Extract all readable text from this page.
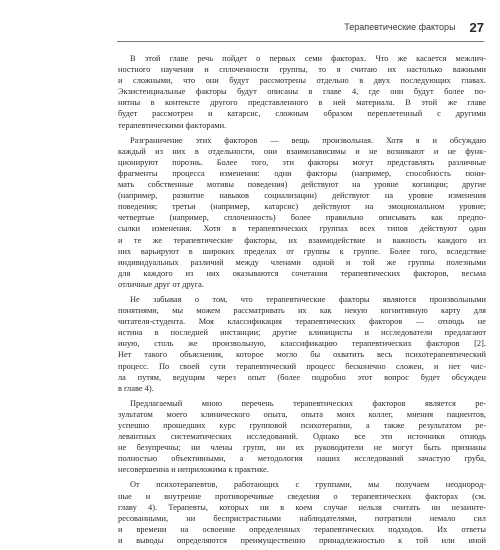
Терапевтические факторы 27
В этой главе речь пойдет о первых семи факторах. Что же касается межлич-
ностного научения и сплоченности группы, то я считаю их настолько важными
и сложными, что они будут рассмотрены отдельно в двух последующих главах.
Экзистенциальные факторы будут описаны в главе 4, где они будут более по-
нятны в контексте другого представленного в ней материала. В этой же главе
будет рассмотрен и катарсис, сложным образом переплетенный с другими
терапевтическими факторами.
Разграничение этих факторов — вещь произвольная. Хотя я и обсуждаю
каждый из них в отдельности, они взаимозависимы и не возникают и не функ-
ционируют порознь. Более того, эти факторы могут представлять различные
фрагменты процесса изменения: одни факторы (например, способность пони-
мать собственные мотивы поведения) действуют на уровне когниции; другие
(например, развитие навыков социализации) действуют на уровне изменения
поведения; третьи (например, катарсис) действуют на эмоциональном уровне;
четвертые (например, сплоченность) более правильно описывать как предпо-
сылки изменения. Хотя в терапевтических группах всех типов действуют одни
и те же терапевтические факторы, их взаимодействие и важность каждого из
них варьируют в широких пределах от группы к группе. Более того, вследствие
индивидуальных различий между членами одной и той же группы полезными
для каждого из них оказываются сочетания терапевтических факторов, весьма
отличные друг от друга.
Не забывая о том, что терапевтические факторы являются произвольными
понятиями, мы можем рассматривать их как некую когнитивную карту для
читателя-студента. Моя классификация терапевтических факторов — отнюдь не
истина в последней инстанции; другие клиницисты и исследователи предлагают
иную, столь же произвольную, классификацию терапевтических факторов [2].
Нет такого объяснения, которое могло бы охватить весь психотерапевтический
процесс. По своей сути терапевтический процесс бесконечно сложен, и нет чис-
ла путям, ведущим через опыт (более подробно этот вопрос будет обсужден
в главе 4).
Предлагаемый мною перечень терапевтических факторов является ре-
зультатом моего клинического опыта, опыта моих коллег, мнения пациентов,
успешно прошедших курс групповой психотерапии, а также результатом ре-
левантных систематических исследований. Однако все эти источники отнюдь
не безупречны; ни члены групп, ни их руководители не могут быть признаны
полностью объективными, а методология наших исследований зачастую груба,
несовершенна и неприложима к практике.
От психотерапевтов, работающих с группами, мы получаем неоднород-
ные и внутренне противоречивые сведения о терапевтических факторах (см.
главу 4). Терапевты, которых ни в коем случае нельзя считать ни незаинте-
ресованными, ни беспристрастными наблюдателями, потратили немало сил
и времени на освоение определенных терапевтических подходов. Их ответы
и выводы определяются преимущественно принадлежностью к той или иной
